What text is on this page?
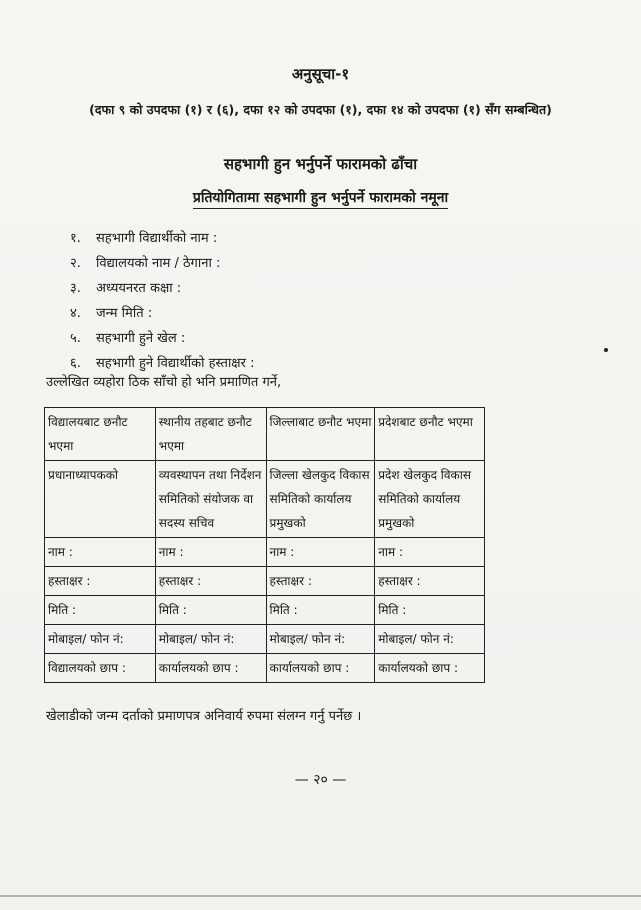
अनुसूचा-१
(दफा ९ को उपदफा (१) र (६), दफा १२ को उपदफा (१), दफा १४ को उपदफा (१) सँग सम्बन्धित)
सहभागी हुन भर्नुपर्ने फारामको ढाँचा
प्रतियोगितामा सहभागी हुन भर्नुपर्ने फारामको नमूना
१. सहभागी विद्यार्थीको नाम :
२. विद्यालयको नाम / ठेगाना :
३. अध्ययनरत कक्षा :
४. जन्म मिति :
५. सहभागी हुने खेल :
६. सहभागी हुने विद्यार्थीको हस्ताक्षर :
उल्लेखित व्यहोरा ठिक साँचो हो भनि प्रमाणित गर्ने,
विद्यालयबाट छनौट भएमा	स्थानीय तहबाट छनौट भएमा	जिल्लाबाट छनौट भएमा	प्रदेशबाट छनौट भएमा
प्रधानाध्यापकको	व्यवस्थापन तथा निर्देशन समितिको संयोजक वा सदस्य सचिव	जिल्ला खेलकुद विकास समितिको कार्यालय प्रमुखको	प्रदेश खेलकुद विकास समितिको कार्यालय प्रमुखको
नाम :	नाम :	नाम :	नाम :
हस्ताक्षर :	हस्ताक्षर :	हस्ताक्षर :	हस्ताक्षर :
मिति :	मिति :	मिति :	मिति :
मोबाइल/ फोन नं:	मोबाइल/ फोन नं:	मोबाइल/ फोन नं:	मोबाइल/ फोन नं:
विद्यालयको छाप :	कार्यालयको छाप :	कार्यालयको छाप :	कार्यालयको छाप :
खेलाडीको जन्म दर्ताको प्रमाणपत्र अनिवार्य रुपमा संलग्न गर्नु पर्नेछ ।
— २० —
